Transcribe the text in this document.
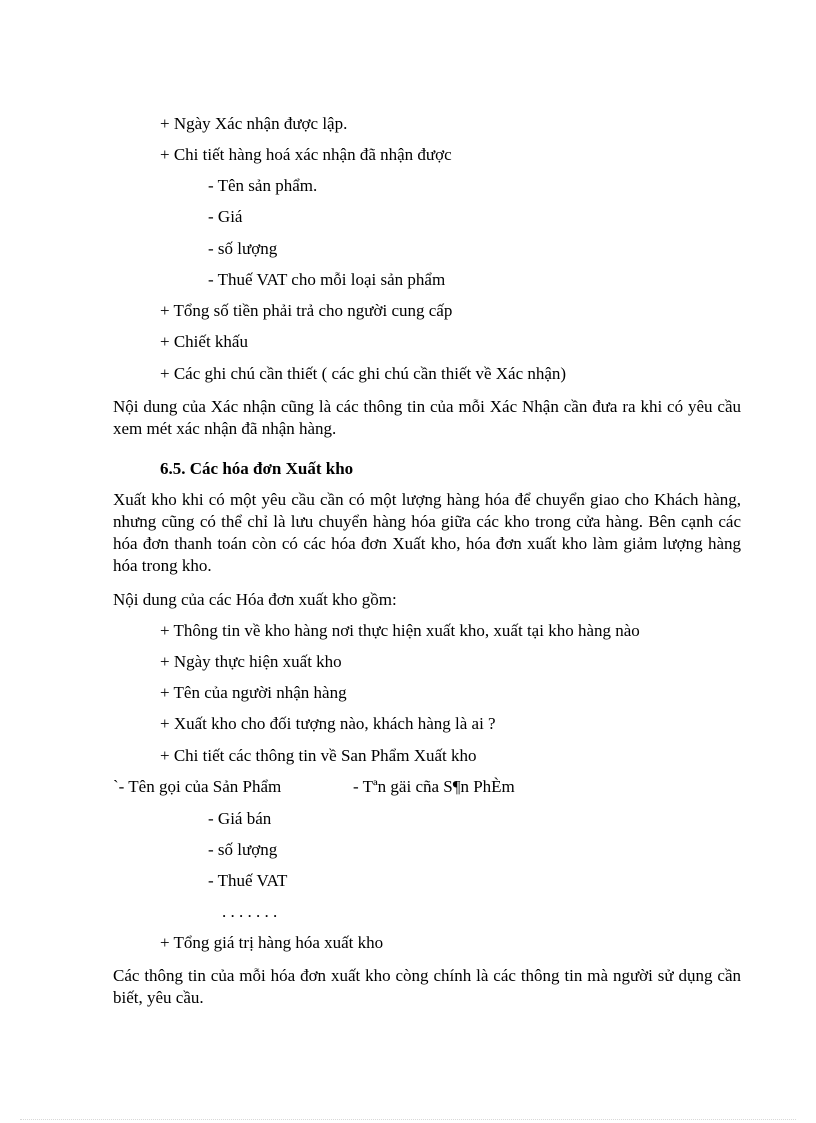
+ Ngày Xác nhận được lập.
+ Chi tiết hàng hoá xác nhận đã nhận được
- Tên sản phẩm.
- Giá
- số lượng
- Thuế VAT cho mỗi loại sản phẩm
+ Tổng số tiền phải trả cho người cung cấp
+ Chiết khấu
+ Các ghi chú cần thiết ( các ghi chú cần thiết về Xác nhận)
Nội dung của Xác nhận cũng là các thông tin của mỗi Xác Nhận cần đưa ra khi có yêu cầu xem mét xác nhận đã nhận hàng.
6.5. Các hóa đơn Xuất kho
Xuất kho khi có một yêu cầu cần có một lượng hàng hóa để chuyển giao cho Khách hàng, nhưng cũng có thể chỉ là lưu chuyển hàng hóa giữa các kho trong cửa hàng. Bên cạnh các hóa đơn thanh toán còn có các hóa đơn Xuất kho, hóa đơn xuất kho làm giảm lượng hàng hóa trong kho.
Nội dung của các Hóa đơn xuất kho gồm:
+ Thông tin về kho hàng nơi thực hiện xuất kho, xuất tại kho hàng nào
+ Ngày thực hiện xuất kho
+ Tên của người nhận hàng
+ Xuất kho cho đối tượng nào, khách hàng là ai ?
+ Chi tiết các thông tin về San Phẩm Xuất kho
`- Tên gọi của Sản Phẩm	- Tªn gäi cña S¶n PhÈm
- Giá bán
- số lượng
- Thuế VAT
. . . . . . .
+ Tổng giá trị hàng hóa xuất kho
Các thông tin của mỗi hóa đơn xuất kho còng chính là các thông tin mà người sử dụng cần biết, yêu cầu.
